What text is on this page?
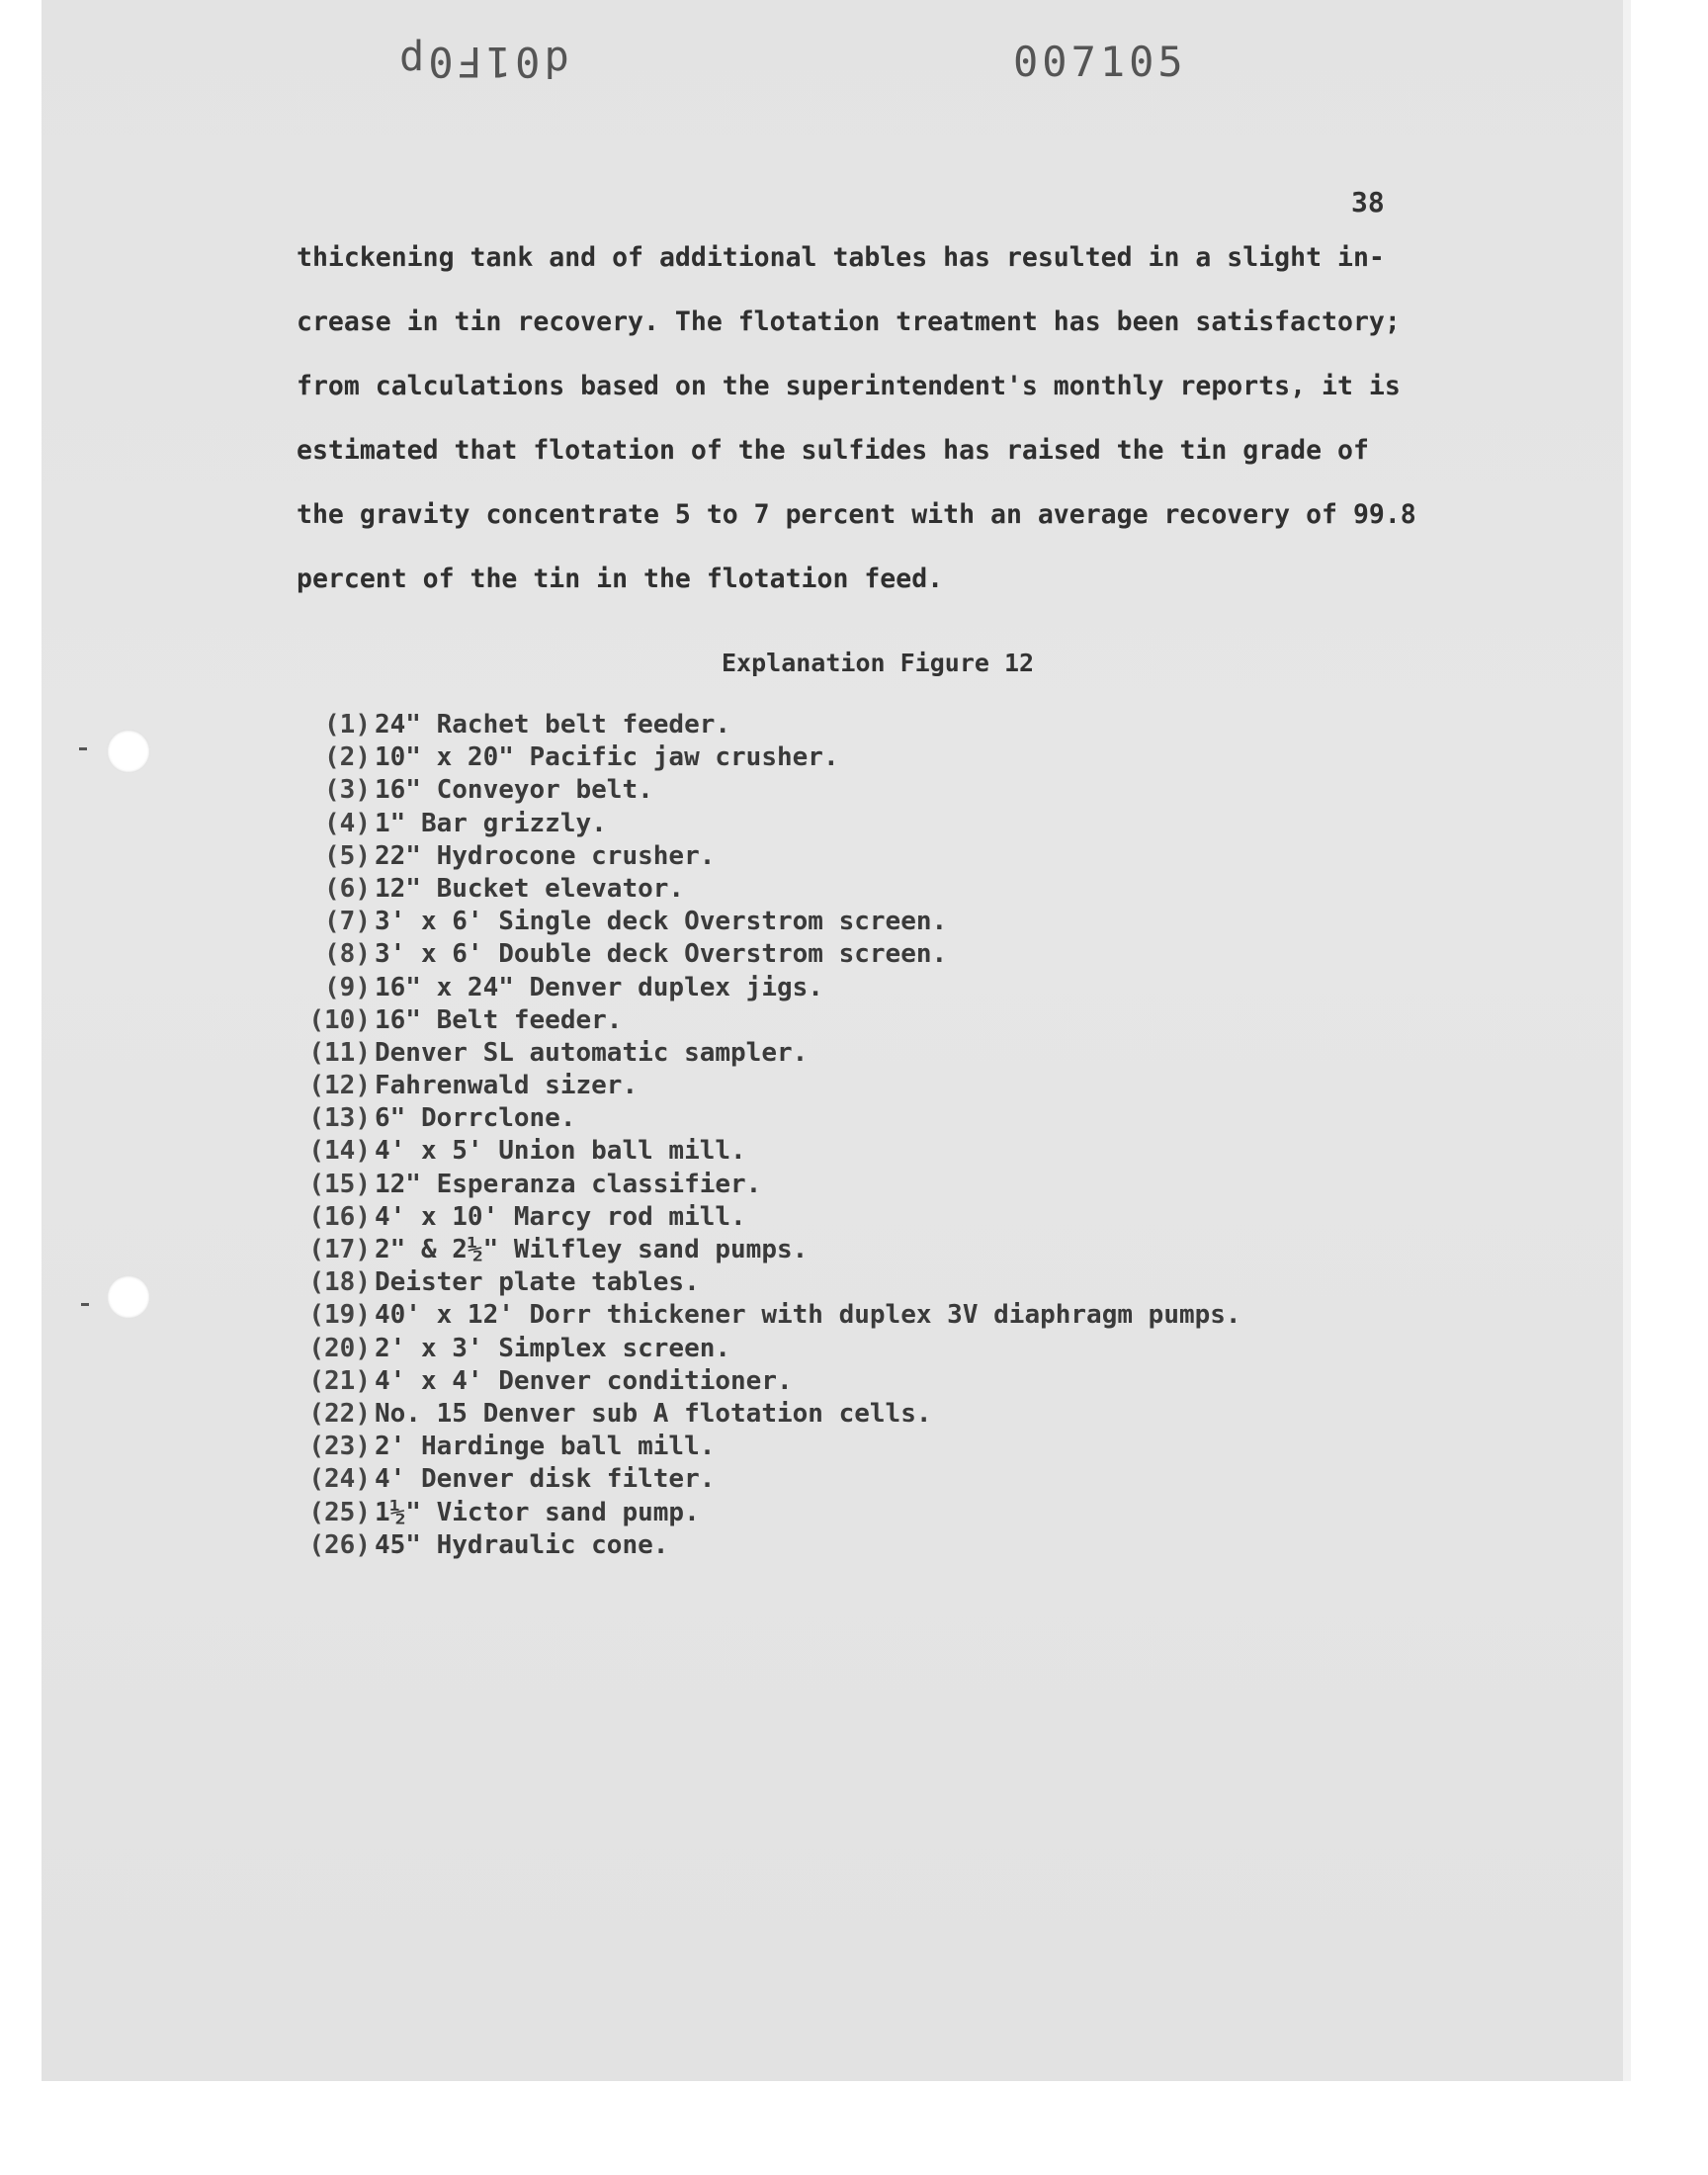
d01F0p	007105
38
thickening tank and of additional tables has resulted in a slight in-
crease in tin recovery. The flotation treatment has been satisfactory;
from calculations based on the superintendent's monthly reports, it is
estimated that flotation of the sulfides has raised the tin grade of
the gravity concentrate 5 to 7 percent with an average recovery of 99.8
percent of the tin in the flotation feed.
Explanation Figure 12
(1) 24" Rachet belt feeder.
(2) 10" x 20" Pacific jaw crusher.
(3) 16" Conveyor belt.
(4) 1" Bar grizzly.
(5) 22" Hydrocone crusher.
(6) 12" Bucket elevator.
(7) 3' x 6' Single deck Overstrom screen.
(8) 3' x 6' Double deck Overstrom screen.
(9) 16" x 24" Denver duplex jigs.
(10) 16" Belt feeder.
(11) Denver SL automatic sampler.
(12) Fahrenwald sizer.
(13) 6" Dorrclone.
(14) 4' x 5' Union ball mill.
(15) 12" Esperanza classifier.
(16) 4' x 10' Marcy rod mill.
(17) 2" & 2½" Wilfley sand pumps.
(18) Deister plate tables.
(19) 40' x 12' Dorr thickener with duplex 3V diaphragm pumps.
(20) 2' x 3' Simplex screen.
(21) 4' x 4' Denver conditioner.
(22) No. 15 Denver sub A flotation cells.
(23) 2' Hardinge ball mill.
(24) 4' Denver disk filter.
(25) 1½" Victor sand pump.
(26) 45" Hydraulic cone.
